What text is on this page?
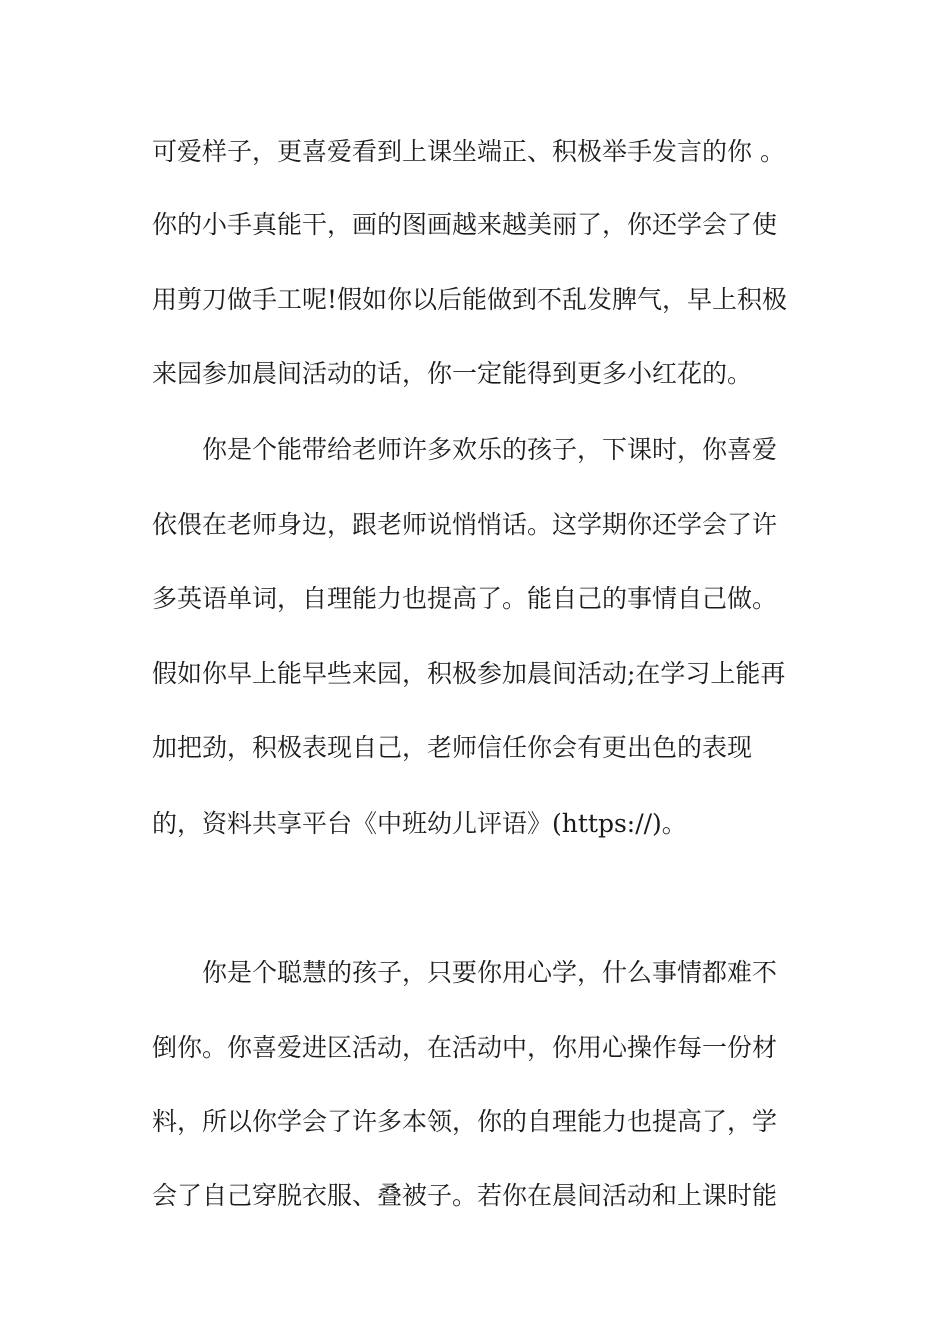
可爱样子，更喜爱看到上课坐端正、积极举手发言的你 。

你的小手真能干，画的图画越来越美丽了，你还学会了使

用剪刀做手工呢!假如你以后能做到不乱发脾气，早上积极

来园参加晨间活动的话，你一定能得到更多小红花的。

你是个能带给老师许多欢乐的孩子，下课时，你喜爱

依偎在老师身边，跟老师说悄悄话。这学期你还学会了许

多英语单词，自理能力也提高了。能自己的事情自己做。

假如你早上能早些来园，积极参加晨间活动;在学习上能再

加把劲，积极表现自己，老师信任你会有更出色的表现

的，资料共享平台《中班幼儿评语》(https://)。

你是个聪慧的孩子，只要你用心学，什么事情都难不

倒你。你喜爱进区活动，在活动中，你用心操作每一份材

料，所以你学会了许多本领，你的自理能力也提高了，学

会了自己穿脱衣服、叠被子。若你在晨间活动和上课时能
